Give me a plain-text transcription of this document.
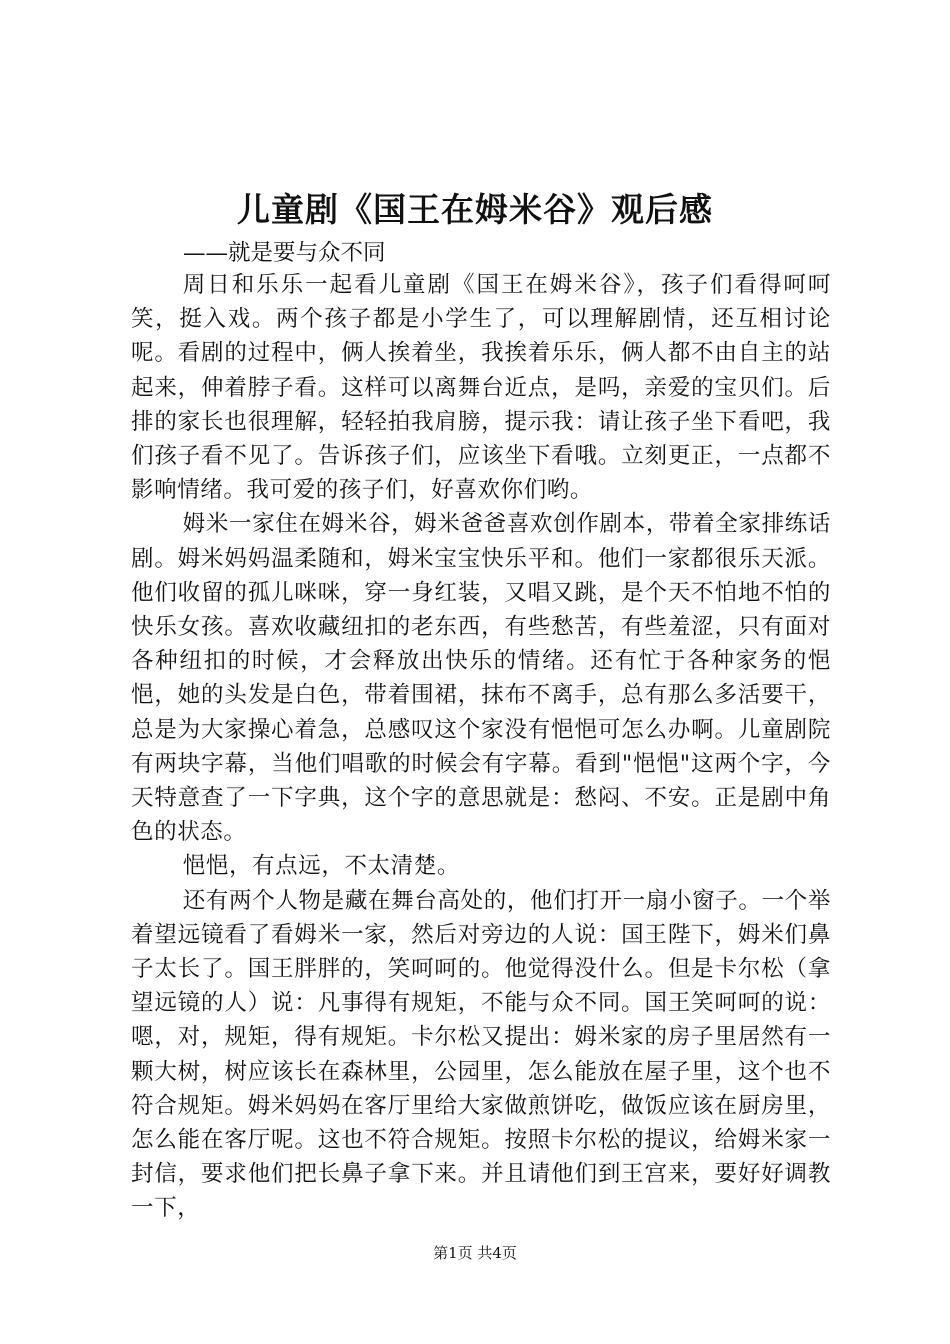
儿童剧《国王在姆米谷》观后感

——就是要与众不同

周日和乐乐一起看儿童剧《国王在姆米谷》，孩子们看得呵呵笑，挺入戏。两个孩子都是小学生了，可以理解剧情，还互相讨论呢。看剧的过程中，俩人挨着坐，我挨着乐乐，俩人都不由自主的站起来，伸着脖子看。这样可以离舞台近点，是吗，亲爱的宝贝们。后排的家长也很理解，轻轻拍我肩膀，提示我：请让孩子坐下看吧，我们孩子看不见了。告诉孩子们，应该坐下看哦。立刻更正，一点都不影响情绪。我可爱的孩子们，好喜欢你们哟。

姆米一家住在姆米谷，姆米爸爸喜欢创作剧本，带着全家排练话剧。姆米妈妈温柔随和，姆米宝宝快乐平和。他们一家都很乐天派。他们收留的孤儿咪咪，穿一身红装，又唱又跳，是个天不怕地不怕的快乐女孩。喜欢收藏纽扣的老东西，有些愁苦，有些羞涩，只有面对各种纽扣的时候，才会释放出快乐的情绪。还有忙于各种家务的悒悒，她的头发是白色，带着围裙，抹布不离手，总有那么多活要干，总是为大家操心着急，总感叹这个家没有悒悒可怎么办啊。儿童剧院有两块字幕，当他们唱歌的时候会有字幕。看到"悒悒"这两个字，今天特意查了一下字典，这个字的意思就是：愁闷、不安。正是剧中角色的状态。

悒悒，有点远，不太清楚。

还有两个人物是藏在舞台高处的，他们打开一扇小窗子。一个举着望远镜看了看姆米一家，然后对旁边的人说：国王陛下，姆米们鼻子太长了。国王胖胖的，笑呵呵的。他觉得没什么。但是卡尔松（拿望远镜的人）说：凡事得有规矩，不能与众不同。国王笑呵呵的说：嗯，对，规矩，得有规矩。卡尔松又提出：姆米家的房子里居然有一颗大树，树应该长在森林里，公园里，怎么能放在屋子里，这个也不符合规矩。姆米妈妈在客厅里给大家做煎饼吃，做饭应该在厨房里，怎么能在客厅呢。这也不符合规矩。按照卡尔松的提议，给姆米家一封信，要求他们把长鼻子拿下来。并且请他们到王宫来，要好好调教一下，

第1页 共4页
